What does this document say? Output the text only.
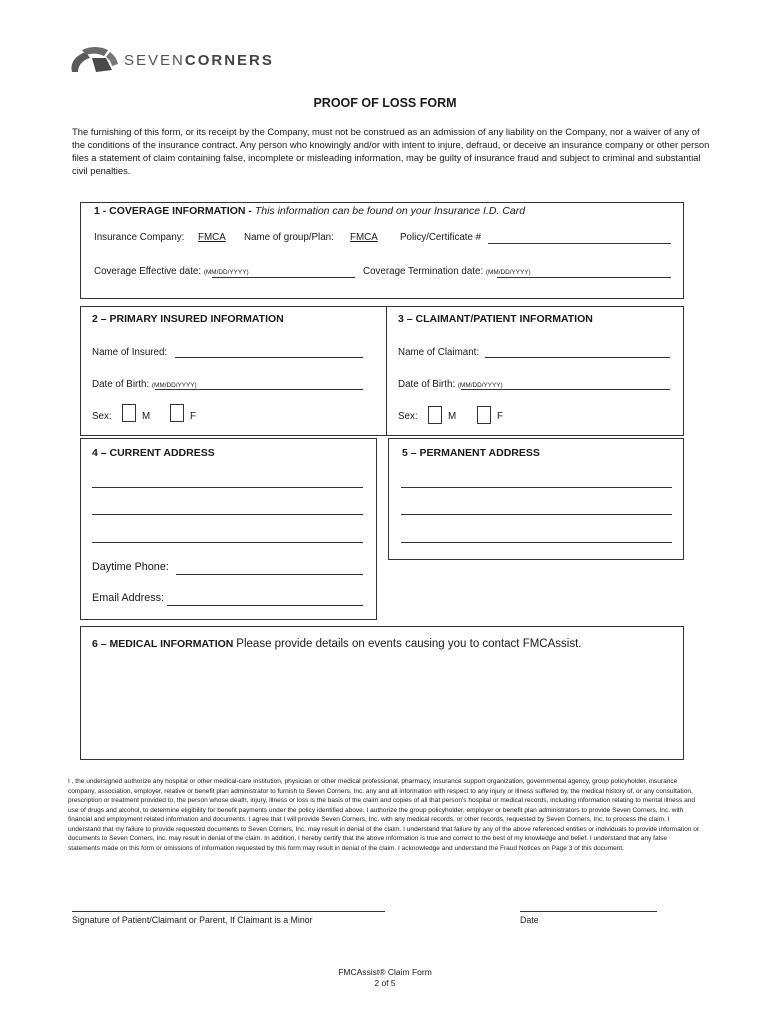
SEVENCORNERS
PROOF OF LOSS FORM
The furnishing of this form, or its receipt by the Company, must not be construed as an admission of any liability on the Company, nor a waiver of any of the conditions of the insurance contract. Any person who knowingly and/or with intent to injure, defraud, or deceive an insurance company or other person files a statement of claim containing false, incomplete or misleading information, may be guilty of insurance fraud and subject to criminal and substantial civil penalties.
1 - COVERAGE INFORMATION - This information can be found on your Insurance I.D. Card
Insurance Company: FMCA Name of group/Plan: FMCA Policy/Certificate #
Coverage Effective date: (MM/DD/YYYY)	Coverage Termination date: (MM/DD/YYYY)
2 – PRIMARY INSURED INFORMATION
Name of Insured:
Date of Birth: (MM/DD/YYYY)
Sex:	M	F
3 – CLAIMANT/PATIENT INFORMATION
Name of Claimant:
Date of Birth: (MM/DD/YYYY)
Sex:	M	F
4 – CURRENT ADDRESS
Daytime Phone:
Email Address:
5 – PERMANENT ADDRESS
6 – MEDICAL INFORMATION Please provide details on events causing you to contact FMCAssist.
I , the undersigned authorize any hospital or other medical-care institution, physician or other medical professional, pharmacy, insurance support organization, governmental agency, group policyholder, insurance company, association, employer, relative or benefit plan administrator to furnish to Seven Corners, Inc. any and all information with respect to any injury or illness suffered by, the medical history of, or any consultation, prescription or treatment provided to, the person whose death, injury, illness or loss is the basis of the claim and copies of all that person's hospital or medical records, including information relating to mental illness and use of drugs and alcohol, to determine eligibility for benefit payments under the policy identified above. I authorize the group policyholder, employer or benefit plan administrators to provide Seven Corners, Inc. with financial and employment related information and documents. I agree that I will provide Seven Corners, Inc. with any medical records, or other records, requested by Seven Corners, Inc. to process the claim. I understand that my failure to provide requested documents to Seven Corners, Inc. may result in denial of the claim. I understand that failure by any of the above referenced entities or individuals to provide information or documents to Seven Corners, Inc. may result in denial of the claim. In addition, I hereby certify that the above information is true and correct to the best of my knowledge and belief. I understand that any false statements made on this form or omissions of information requested by this form may result in denial of the claim. I acknowledge and understand the Fraud Notices on Page 3 of this document.
Signature of Patient/Claimant or Parent, If Claimant is a Minor	Date
FMCAssist® Claim Form
2 of 5
